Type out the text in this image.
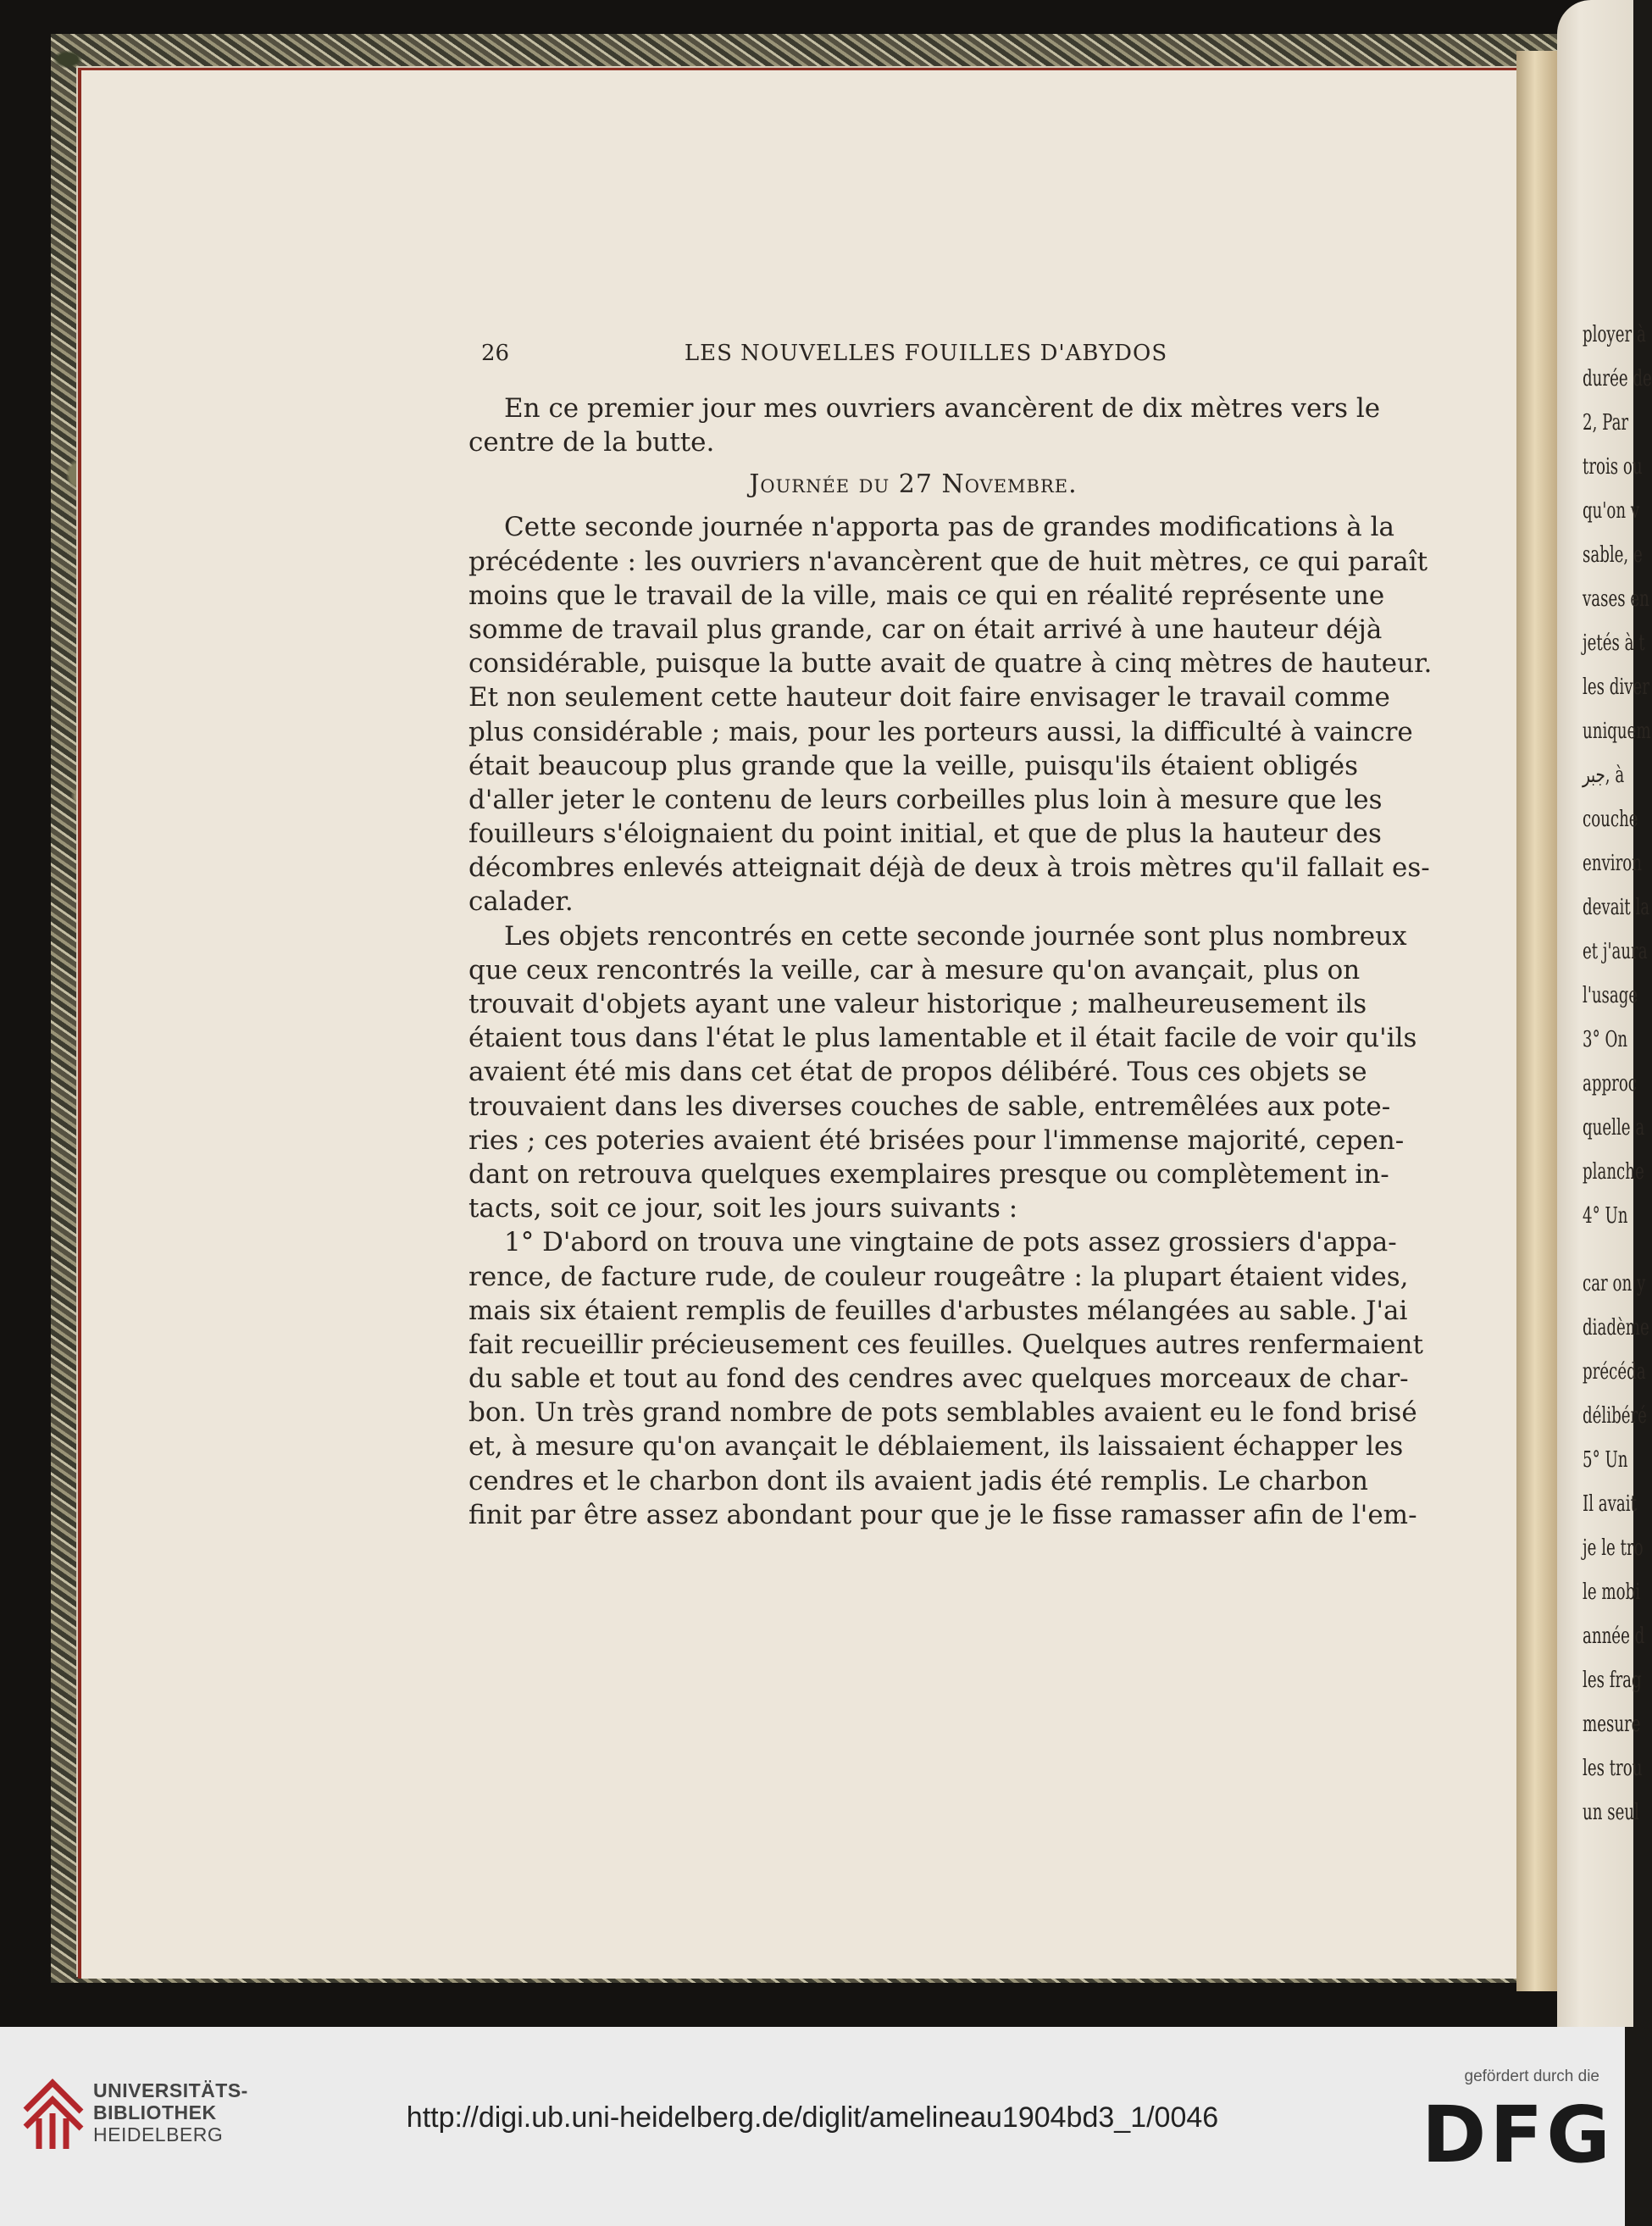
ployer à
durée de
2, Par
trois ou
qu'on v
sable, e
vases en
jetés à t
les diver
uniquem
جبر, à
couche
environ
devait la
et j'aura
l'usage
3° On
approc
quelle a
planche
4° Un
car on y
diadème
précéda
délibéré
5° Un
Il avait
je le tro
le mobi
année d
les frag
mesure
les trou
un seul
26	LES NOUVELLES FOUILLES D'ABYDOS
En ce premier jour mes ouvriers avancèrent de dix mètres vers le
centre de la butte.
Journée du 27 Novembre.
Cette seconde journée n'apporta pas de grandes modifications à la
précédente : les ouvriers n'avancèrent que de huit mètres, ce qui paraît
moins que le travail de la ville, mais ce qui en réalité représente une
somme de travail plus grande, car on était arrivé à une hauteur déjà
considérable, puisque la butte avait de quatre à cinq mètres de hauteur.
Et non seulement cette hauteur doit faire envisager le travail comme
plus considérable ; mais, pour les porteurs aussi, la difficulté à vaincre
était beaucoup plus grande que la veille, puisqu'ils étaient obligés
d'aller jeter le contenu de leurs corbeilles plus loin à mesure que les
fouilleurs s'éloignaient du point initial, et que de plus la hauteur des
décombres enlevés atteignait déjà de deux à trois mètres qu'il fallait es-
calader.
Les objets rencontrés en cette seconde journée sont plus nombreux
que ceux rencontrés la veille, car à mesure qu'on avançait, plus on
trouvait d'objets ayant une valeur historique ; malheureusement ils
étaient tous dans l'état le plus lamentable et il était facile de voir qu'ils
avaient été mis dans cet état de propos délibéré. Tous ces objets se
trouvaient dans les diverses couches de sable, entremêlées aux pote-
ries ; ces poteries avaient été brisées pour l'immense majorité, cepen-
dant on retrouva quelques exemplaires presque ou complètement in-
tacts, soit ce jour, soit les jours suivants :
1° D'abord on trouva une vingtaine de pots assez grossiers d'appa-
rence, de facture rude, de couleur rougeâtre : la plupart étaient vides,
mais six étaient remplis de feuilles d'arbustes mélangées au sable. J'ai
fait recueillir précieusement ces feuilles. Quelques autres renfermaient
du sable et tout au fond des cendres avec quelques morceaux de char-
bon. Un très grand nombre de pots semblables avaient eu le fond brisé
et, à mesure qu'on avançait le déblaiement, ils laissaient échapper les
cendres et le charbon dont ils avaient jadis été remplis. Le charbon
finit par être assez abondant pour que je le fisse ramasser afin de l'em-
UNIVERSITÄTS-
BIBLIOTHEK
HEIDELBERG
http://digi.ub.uni-heidelberg.de/diglit/amelineau1904bd3_1/0046
gefördert durch die
DFG
